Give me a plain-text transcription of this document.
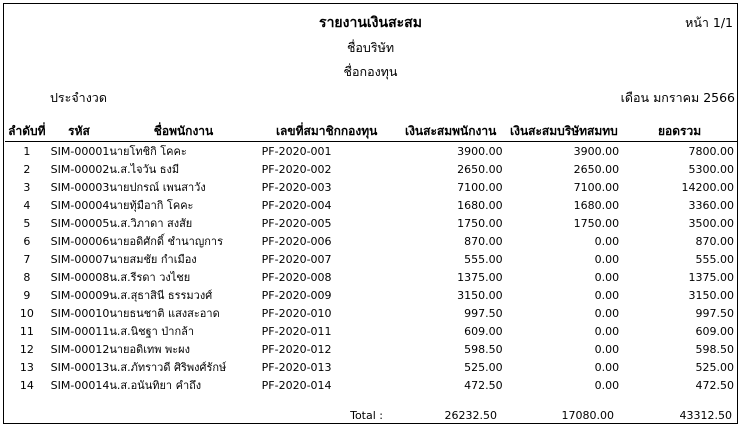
รายงานเงินสะสม	หน้า 1/1
ชื่อบริษัท
ชื่อกองทุน
ประจำงวด	เดือน มกราคม 2566
ลำดับที่	รหัส	ชื่อพนักงาน	เลขที่สมาชิกกองทุน	เงินสะสมพนักงาน	เงินสะสมบริษัทสมทบ	ยอดรวม
1	SIM-00001	นายโทชิกิ โคคะ	PF-2020-001	3900.00	3900.00	7800.00
2	SIM-00002	น.ส.ไจวัน ธงมี	PF-2020-002	2650.00	2650.00	5300.00
3	SIM-00003	นายปกรณ์ เพนสาวัง	PF-2020-003	7100.00	7100.00	14200.00
4	SIM-00004	นายทุ้มือากิ โคคะ	PF-2020-004	1680.00	1680.00	3360.00
5	SIM-00005	น.ส.วิภาดา สงสัย	PF-2020-005	1750.00	1750.00	3500.00
6	SIM-00006	นายอดิศักดิ์ ชำนาญการ	PF-2020-006	870.00	0.00	870.00
7	SIM-00007	นายสมชัย กำเมือง	PF-2020-007	555.00	0.00	555.00
8	SIM-00008	น.ส.รีรดา วงไชย	PF-2020-008	1375.00	0.00	1375.00
9	SIM-00009	น.ส.สุธาสินี ธรรมวงศ์	PF-2020-009	3150.00	0.00	3150.00
10	SIM-00010	นายธนชาติ แสงสะอาด	PF-2020-010	997.50	0.00	997.50
11	SIM-00011	น.ส.นิชฐา ป่ากล้า	PF-2020-011	609.00	0.00	609.00
12	SIM-00012	นายอดิเทพ พะผง	PF-2020-012	598.50	0.00	598.50
13	SIM-00013	น.ส.ภัทราวดี ศิริพงศ์รักษ์	PF-2020-013	525.00	0.00	525.00
14	SIM-00014	น.ส.อนันทิยา คำถึง	PF-2020-014	472.50	0.00	472.50
	Total :	26232.50	17080.00	43312.50
